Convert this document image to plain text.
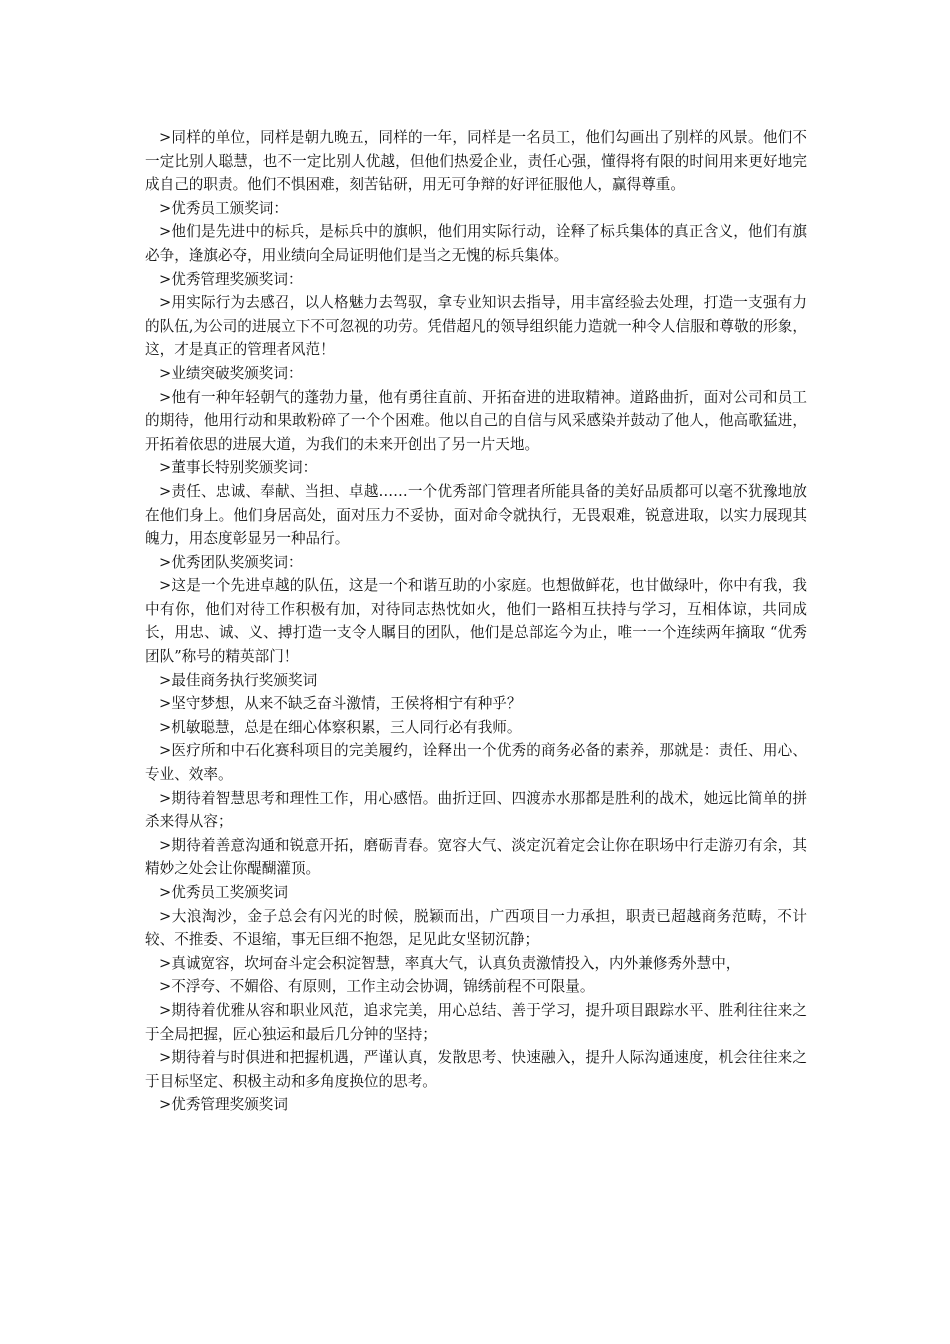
>同样的单位，同样是朝九晚五，同样的一年，同样是一名员工，他们勾画出了别样的风景。他们不一定比别人聪慧，也不一定比别人优越，但他们热爱企业，责任心强，懂得将有限的时间用来更好地完成自己的职责。他们不惧困难，刻苦钻研，用无可争辩的好评征服他人，赢得尊重。

>优秀员工颁奖词：

>他们是先进中的标兵，是标兵中的旗帜，他们用实际行动，诠释了标兵集体的真正含义，他们有旗必争，逢旗必夺，用业绩向全局证明他们是当之无愧的标兵集体。

>优秀管理奖颁奖词：

>用实际行为去感召，以人格魅力去驾驭，拿专业知识去指导，用丰富经验去处理，打造一支强有力的队伍,为公司的进展立下不可忽视的功劳。凭借超凡的领导组织能力造就一种令人信服和尊敬的形象，这，才是真正的管理者风范！

>业绩突破奖颁奖词：

>他有一种年轻朝气的蓬勃力量，他有勇往直前、开拓奋进的进取精神。道路曲折，面对公司和员工的期待，他用行动和果敢粉碎了一个个困难。他以自己的自信与风采感染并鼓动了他人，他高歌猛进，开拓着依思的进展大道，为我们的未来开创出了另一片天地。

>董事长特别奖颁奖词：

>责任、忠诚、奉献、当担、卓越……一个优秀部门管理者所能具备的美好品质都可以毫不犹豫地放在他们身上。他们身居高处，面对压力不妥协，面对命令就执行，无畏艰难，锐意进取，以实力展现其魄力，用态度彰显另一种品行。

>优秀团队奖颁奖词：

>这是一个先进卓越的队伍，这是一个和谐互助的小家庭。也想做鲜花，也甘做绿叶，你中有我，我中有你，他们对待工作积极有加，对待同志热忱如火，他们一路相互扶持与学习，互相体谅，共同成长，用忠、诚、义、搏打造一支令人瞩目的团队，他们是总部迄今为止，唯一一个连续两年摘取 “优秀团队”称号的精英部门！

>最佳商务执行奖颁奖词

>坚守梦想，从来不缺乏奋斗激情，王侯将相宁有种乎？

>机敏聪慧，总是在细心体察积累，三人同行必有我师。

>医疗所和中石化赛科项目的完美履约，诠释出一个优秀的商务必备的素养，那就是：责任、用心、专业、效率。

>期待着智慧思考和理性工作，用心感悟。曲折迂回、四渡赤水那都是胜利的战术，她远比简单的拼杀来得从容；

>期待着善意沟通和锐意开拓，磨砺青春。宽容大气、淡定沉着定会让你在职场中行走游刃有余，其精妙之处会让你醍醐灌顶。

>优秀员工奖颁奖词

>大浪淘沙，金子总会有闪光的时候，脱颖而出，广西项目一力承担，职责已超越商务范畴，不计较、不推委、不退缩，事无巨细不抱怨，足见此女坚韧沉静；

>真诚宽容，坎坷奋斗定会积淀智慧，率真大气，认真负责激情投入，内外兼修秀外慧中，

>不浮夸、不媚俗、有原则，工作主动会协调，锦绣前程不可限量。

>期待着优雅从容和职业风范，追求完美，用心总结、善于学习，提升项目跟踪水平、胜利往往来之于全局把握，匠心独运和最后几分钟的坚持；

>期待着与时俱进和把握机遇，严谨认真，发散思考、快速融入，提升人际沟通速度，机会往往来之于目标坚定、积极主动和多角度换位的思考。

>优秀管理奖颁奖词
